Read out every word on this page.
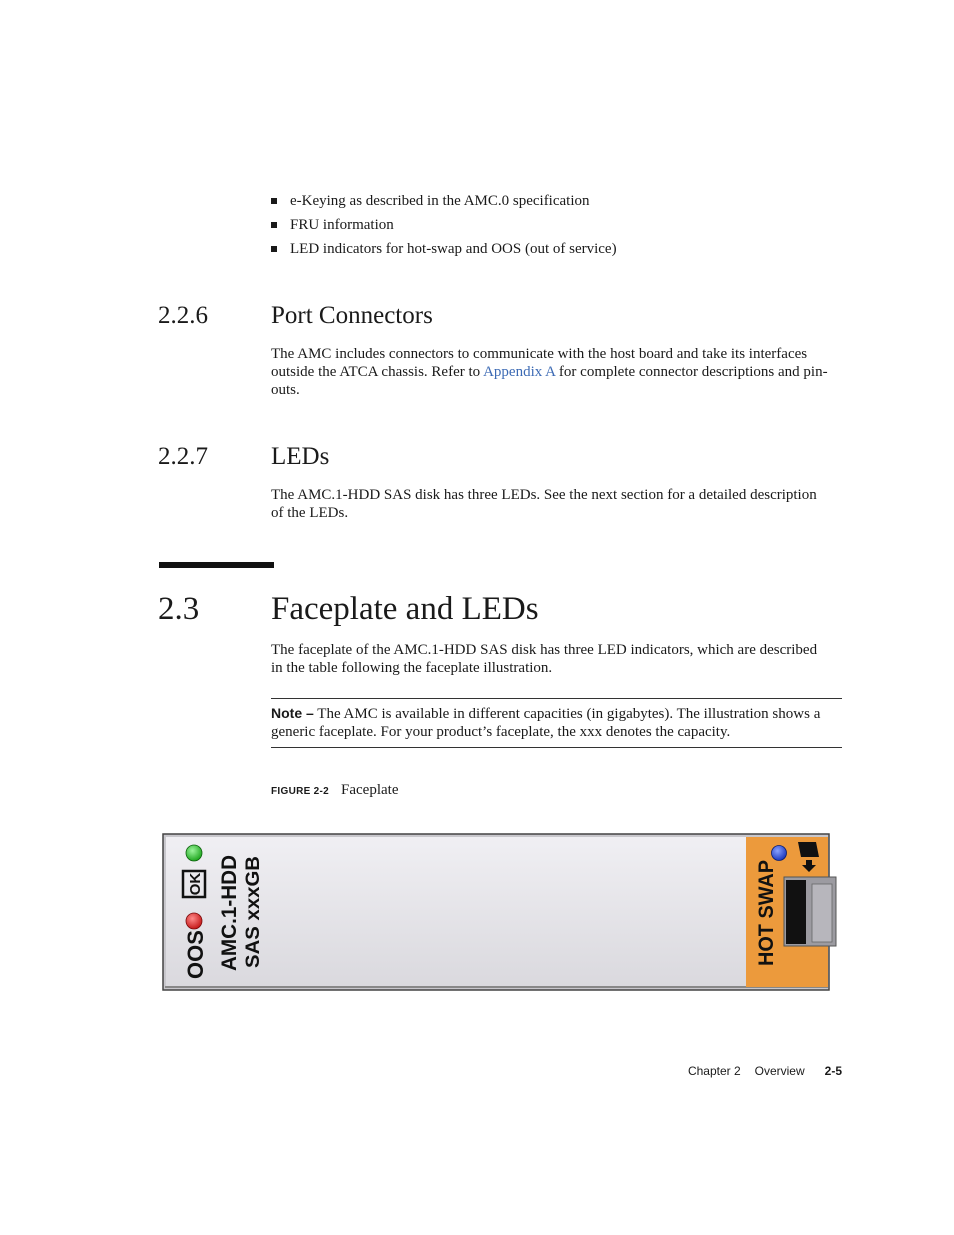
e-Keying as described in the AMC.0 specification
FRU information
LED indicators for hot-swap and OOS (out of service)
2.2.6	Port Connectors

The AMC includes connectors to communicate with the host board and take its interfaces outside the ATCA chassis. Refer to Appendix A for complete connector descriptions and pin-outs.

2.2.7	LEDs

The AMC.1-HDD SAS disk has three LEDs. See the next section for a detailed description of the LEDs.

2.3 Faceplate and LEDs

The faceplate of the AMC.1-HDD SAS disk has three LED indicators, which are described in the table following the faceplate illustration.

Note – The AMC is available in different capacities (in gigabytes). The illustration shows a generic faceplate. For your product’s faceplate, the xxx denotes the capacity.
FIGURE 2-2 Faceplate
OK
OOS AMC.1-HDD SAS xxxGB	HOT SWAP
Chapter 2 Overview 2-5
